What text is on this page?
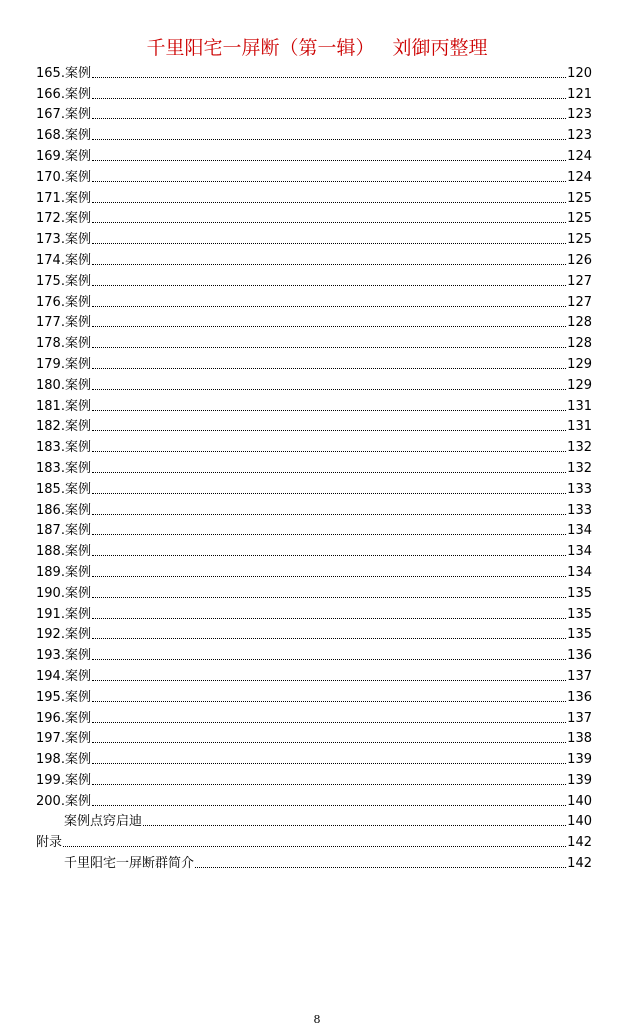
千里阳宅一屏断（第一辑）   刘御丙整理
165.案例	120
166.案例	121
167.案例	123
168.案例	123
169.案例	124
170.案例	124
171.案例	125
172.案例	125
173.案例	125
174.案例	126
175.案例	127
176.案例	127
177.案例	128
178.案例	128
179.案例	129
180.案例	129
181.案例	131
182.案例	131
183.案例	132
183.案例	132
185.案例	133
186.案例	133
187.案例	134
188.案例	134
189.案例	134
190.案例	135
191.案例	135
192.案例	135
193.案例	136
194.案例	137
195.案例	136
196.案例	137
197.案例	138
198.案例	139
199.案例	139
200.案例	140
案例点窍启迪	140
附录	142
千里阳宅一屏断群简介	142
8
